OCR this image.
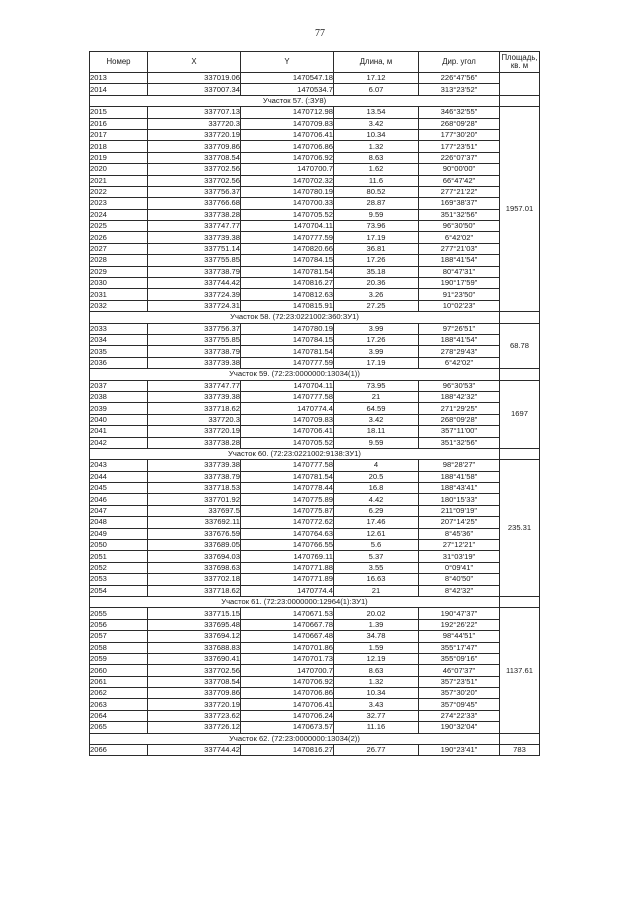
77
Номер	X	Y	Длина, м	Дир. угол	Площадь, кв. м
2013	337019.06	1470547.18	17.12	226°47'56"	
2014	337007.34	1470534.7	6.07	313°23'52"	
Участок 57. (:ЗУ8)					
2015	337707.13	1470712.98	13.54	346°32'55"	1957.01
2016	337720.3	1470709.83	3.42	268°09'28"	
2017	337720.19	1470706.41	10.34	177°30'20"	
2018	337709.86	1470706.86	1.32	177°23'51"	
2019	337708.54	1470706.92	8.63	226°07'37"	
2020	337702.56	1470700.7	1.62	90°00'00"	
2021	337702.56	1470702.32	11.6	66°47'42"	
2022	337756.37	1470780.19	80.52	277°21'22"	
2023	337766.68	1470700.33	28.87	169°38'37"	
2024	337738.28	1470705.52	9.59	351°32'56"	
2025	337747.77	1470704.11	73.96	96°30'50"	
2026	337739.38	1470777.59	17.19	6°42'02"	
2027	337751.14	1470820.66	36.81	277°21'03"	
2028	337755.85	1470784.15	17.26	188°41'54"	
2029	337738.79	1470781.54	35.18	80°47'31"	
2030	337744.42	1470816.27	20.36	190°17'59"	
2031	337724.39	1470812.63	3.26	91°23'50"	
2032	337724.31	1470815.91	27.25	10°02'23"	
Участок 58. (72:23:0221002:360:ЗУ1)					
2033	337756.37	1470780.19	3.99	97°26'51"	68.78
2034	337755.85	1470784.15	17.26	188°41'54"	
2035	337738.79	1470781.54	3.99	278°29'43"	
2036	337739.38	1470777.59	17.19	6°42'02"	
Участок 59. (72:23:0000000:13034(1))					
2037	337747.77	1470704.11	73.95	96°30'53"	1697
2038	337739.38	1470777.58	21	188°42'32"	
2039	337718.62	1470774.4	64.59	271°29'25"	
2040	337720.3	1470709.83	3.42	268°09'28"	
2041	337720.19	1470706.41	18.11	357°11'00"	
2042	337738.28	1470705.52	9.59	351°32'56"	
Участок 60. (72:23:0221002:9138:ЗУ1)					
2043	337739.38	1470777.58	4	98°28'27"	235.31
2044	337738.79	1470781.54	20.5	188°41'58"	
2045	337718.53	1470778.44	16.8	188°43'41"	
2046	337701.92	1470775.89	4.42	180°15'33"	
2047	337697.5	1470775.87	6.29	211°09'19"	
2048	337692.11	1470772.62	17.46	207°14'25"	
2049	337676.59	1470764.63	12.61	8°45'36"	
2050	337689.05	1470766.55	5.6	27°12'21"	
2051	337694.03	1470769.11	5.37	31°03'19"	
2052	337698.63	1470771.88	3.55	0°09'41"	
2053	337702.18	1470771.89	16.63	8°40'50"	
2054	337718.62	1470774.4	21	8°42'32"	
Участок 61. (72:23:0000000:12964(1):ЗУ1)					
2055	337715.15	1470671.53	20.02	190°47'37"	1137.61
2056	337695.48	1470667.78	1.39	192°26'22"	
2057	337694.12	1470667.48	34.78	98°44'51"	
2058	337688.83	1470701.86	1.59	355°17'47"	
2059	337690.41	1470701.73	12.19	355°09'16"	
2060	337702.56	1470700.7	8.63	46°07'37"	
2061	337708.54	1470706.92	1.32	357°23'51"	
2062	337709.86	1470706.86	10.34	357°30'20"	
2063	337720.19	1470706.41	3.43	357°09'45"	
2064	337723.62	1470706.24	32.77	274°22'33"	
2065	337726.12	1470673.57	11.16	190°32'04"	
Участок 62. (72:23:0000000:13034(2))					
2066	337744.42	1470816.27	26.77	190°23'41"	783
